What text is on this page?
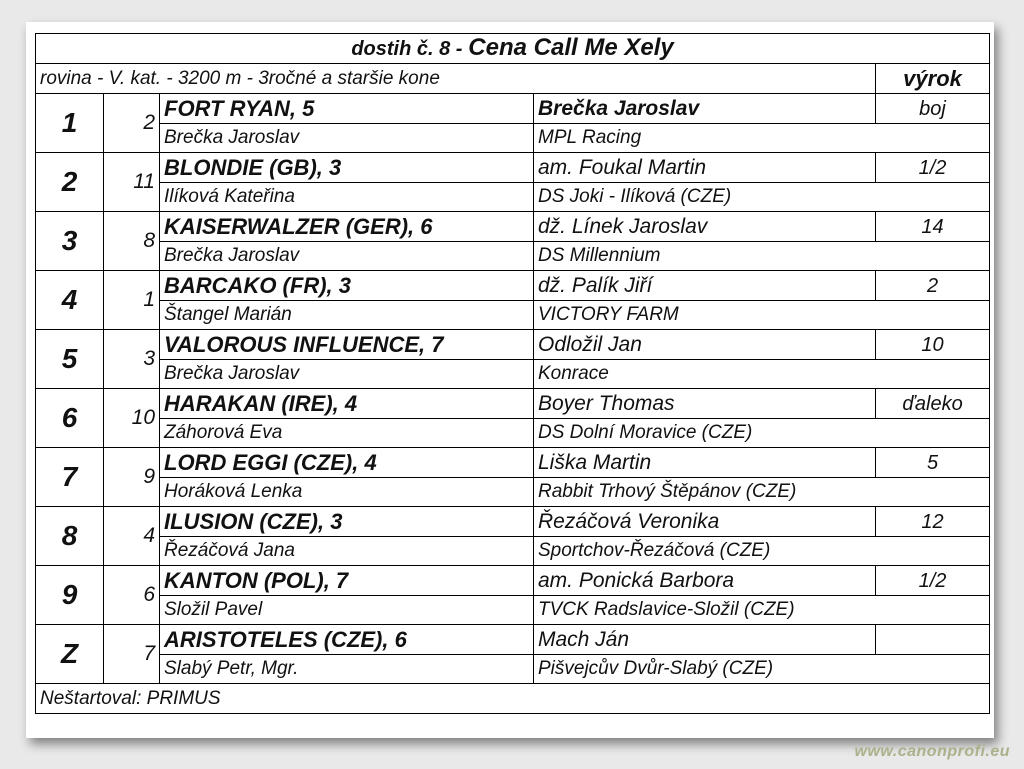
dostih č. 8 - Cena Call Me Xely				
rovina - V. kat. - 3200 m - 3ročné a staršie kone				výrok
1	2	FORT RYAN, 5	Brečka Jaroslav	boj
		Brečka Jaroslav	MPL Racing	
2	11	BLONDIE (GB), 3	am. Foukal Martin	1/2
		Ilíková Kateřina	DS Joki - Ilíková (CZE)	
3	8	KAISERWALZER (GER), 6	dž. Línek Jaroslav	14
		Brečka Jaroslav	DS Millennium	
4	1	BARCAKO (FR), 3	dž. Palík Jiří	2
		Štangel Marián	VICTORY FARM	
5	3	VALOROUS INFLUENCE, 7	Odložil Jan	10
		Brečka Jaroslav	Konrace	
6	10	HARAKAN (IRE), 4	Boyer Thomas	ďaleko
		Záhorová Eva	DS Dolní Moravice (CZE)	
7	9	LORD EGGI (CZE), 4	Liška Martin	5
		Horáková Lenka	Rabbit Trhový Štěpánov (CZE)	
8	4	ILUSION (CZE), 3	Řezáčová Veronika	12
		Řezáčová Jana	Sportchov-Řezáčová (CZE)	
9	6	KANTON (POL), 7	am. Ponická Barbora	1/2
		Složil Pavel	TVCK Radslavice-Složil (CZE)	
Z	7	ARISTOTELES (CZE), 6	Mach Ján	
		Slabý Petr, Mgr.	Pišvejcův Dvůr-Slabý (CZE)	
Neštartoval: PRIMUS				
www.canonprofi.eu
